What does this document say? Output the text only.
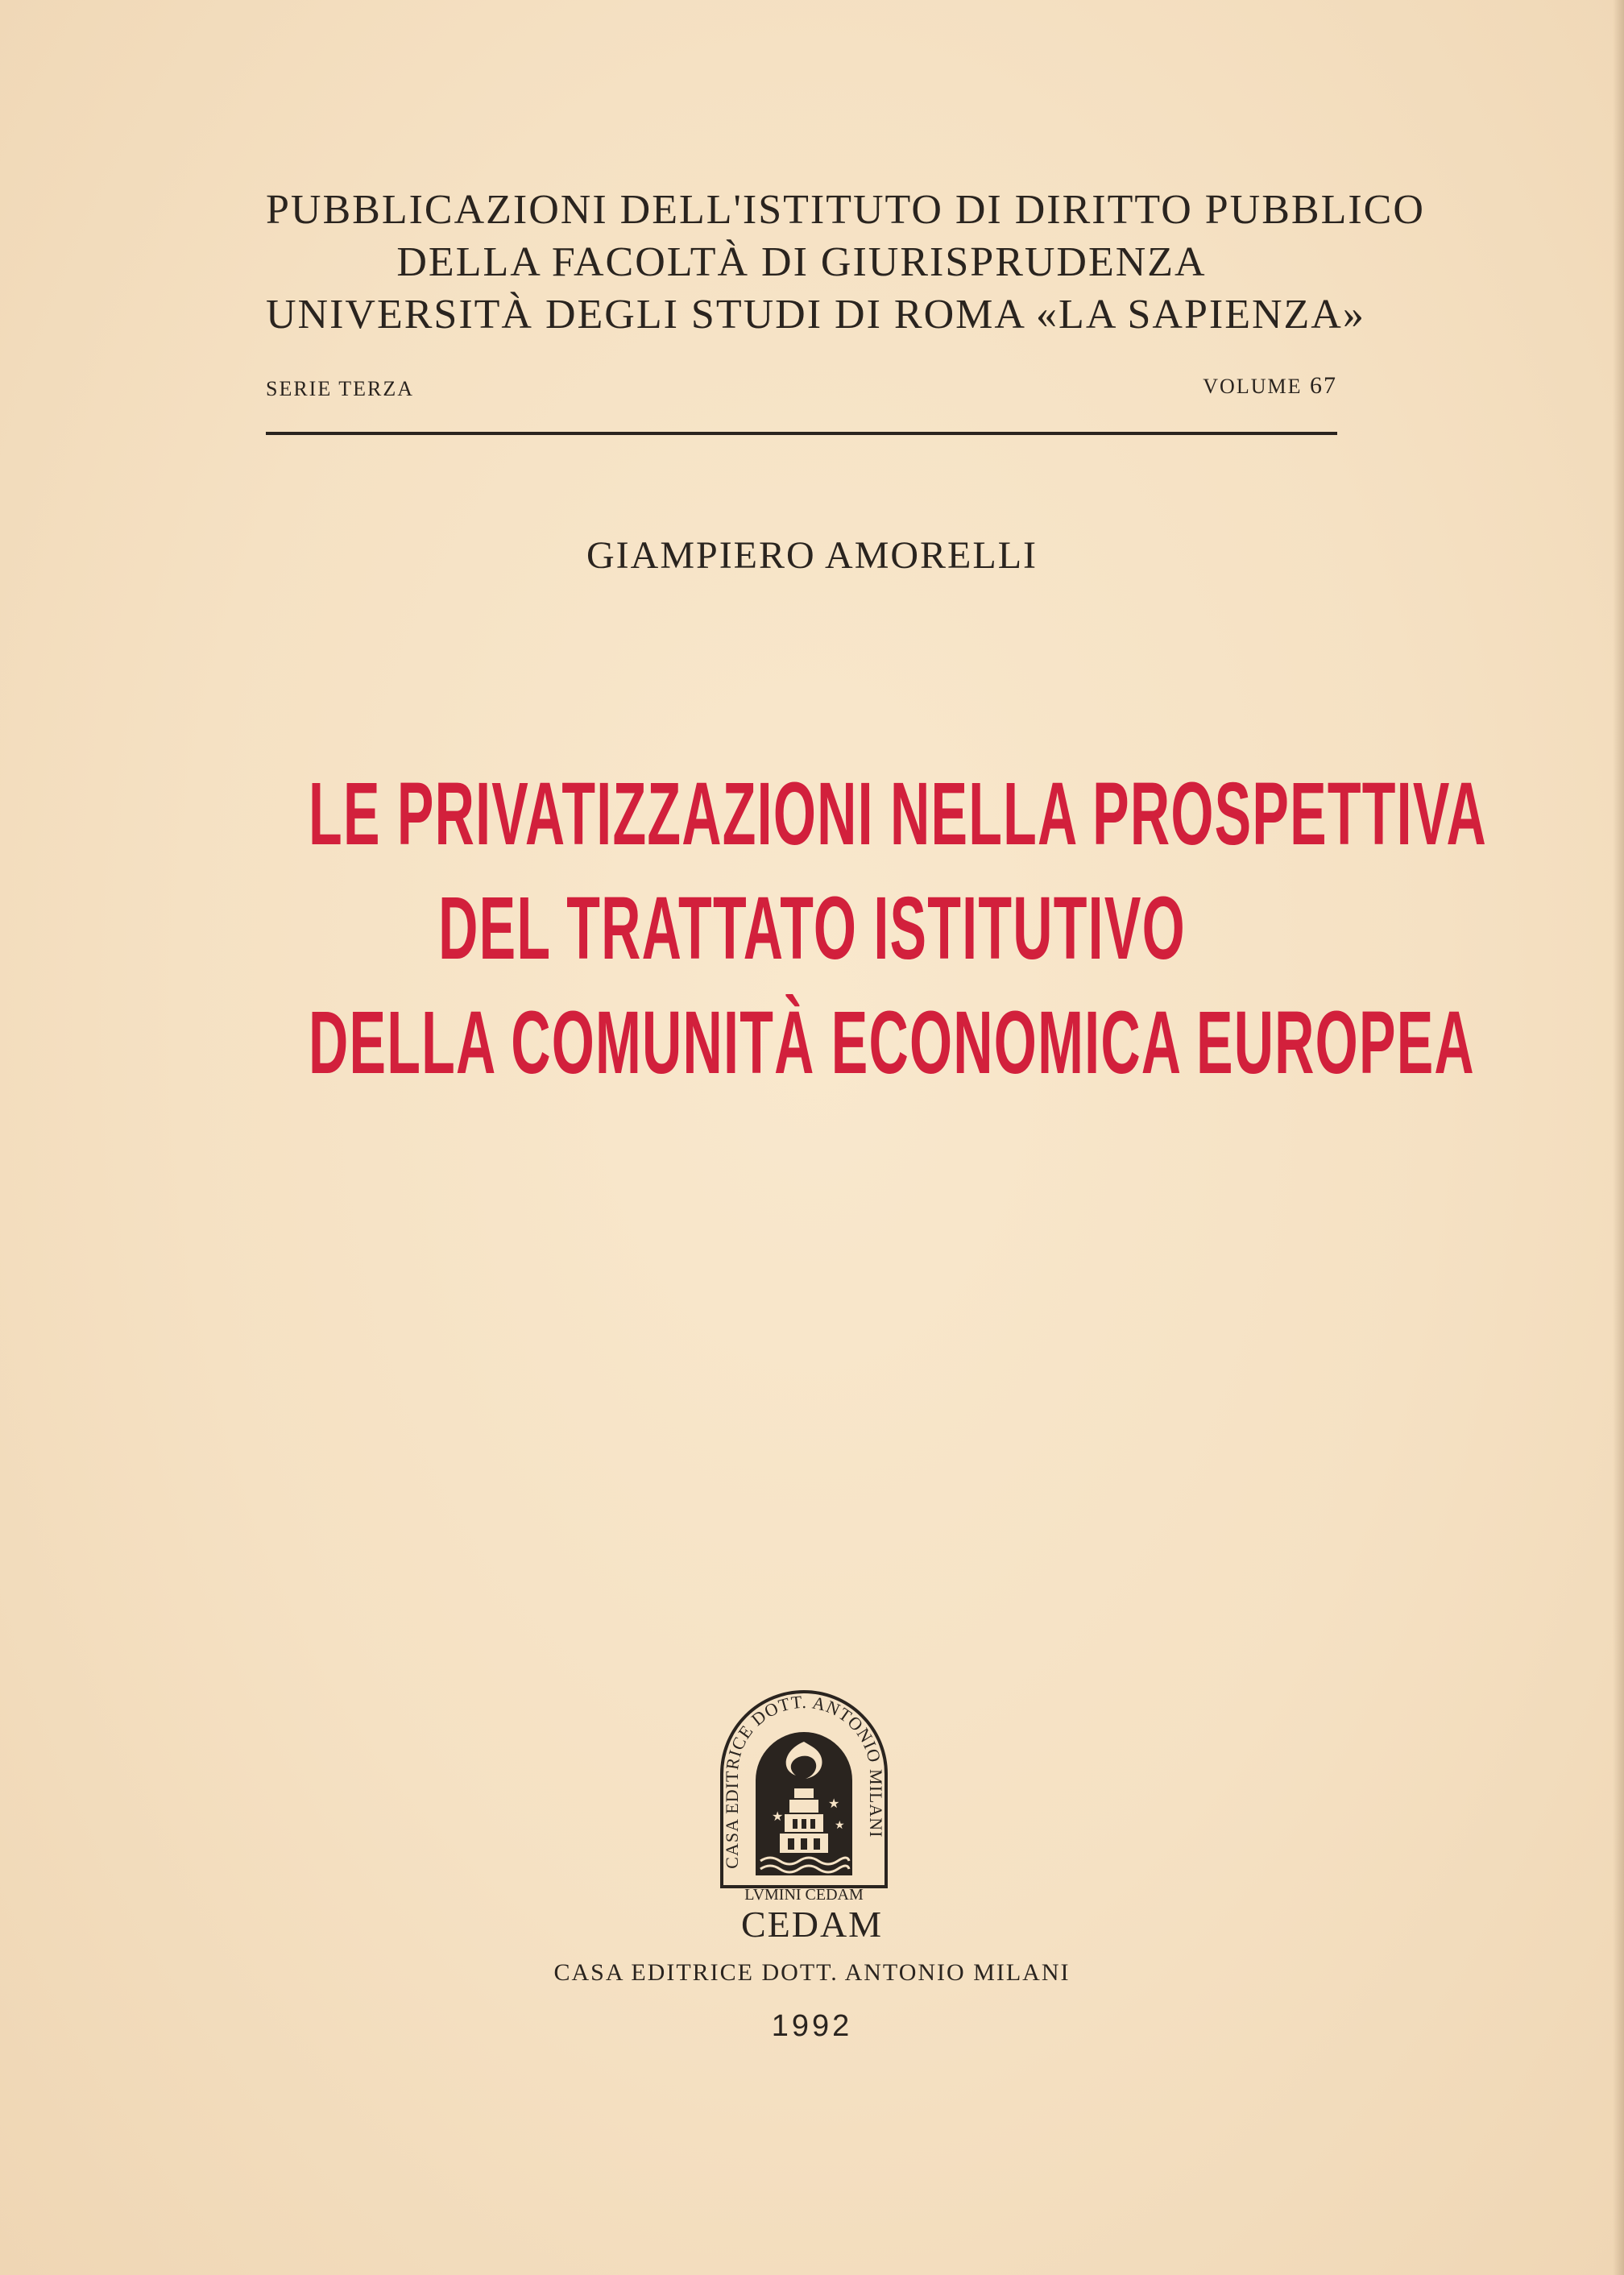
PUBBLICAZIONI DELL'ISTITUTO DI DIRITTO PUBBLICO
DELLA FACOLTÀ DI GIURISPRUDENZA
UNIVERSITÀ DEGLI STUDI DI ROMA «LA SAPIENZA»
SERIE TERZA	VOLUME 67
GIAMPIERO AMORELLI
LE PRIVATIZZAZIONI NELLA PROSPETTIVA
DEL TRATTATO ISTITUTIVO
DELLA COMUNITÀ ECONOMICA EUROPEA
CASA EDITRICE DOTT. ANTONIO MILANI
★
★
★
LVMINI CEDAM
CEDAM
CASA EDITRICE DOTT. ANTONIO MILANI
1992
